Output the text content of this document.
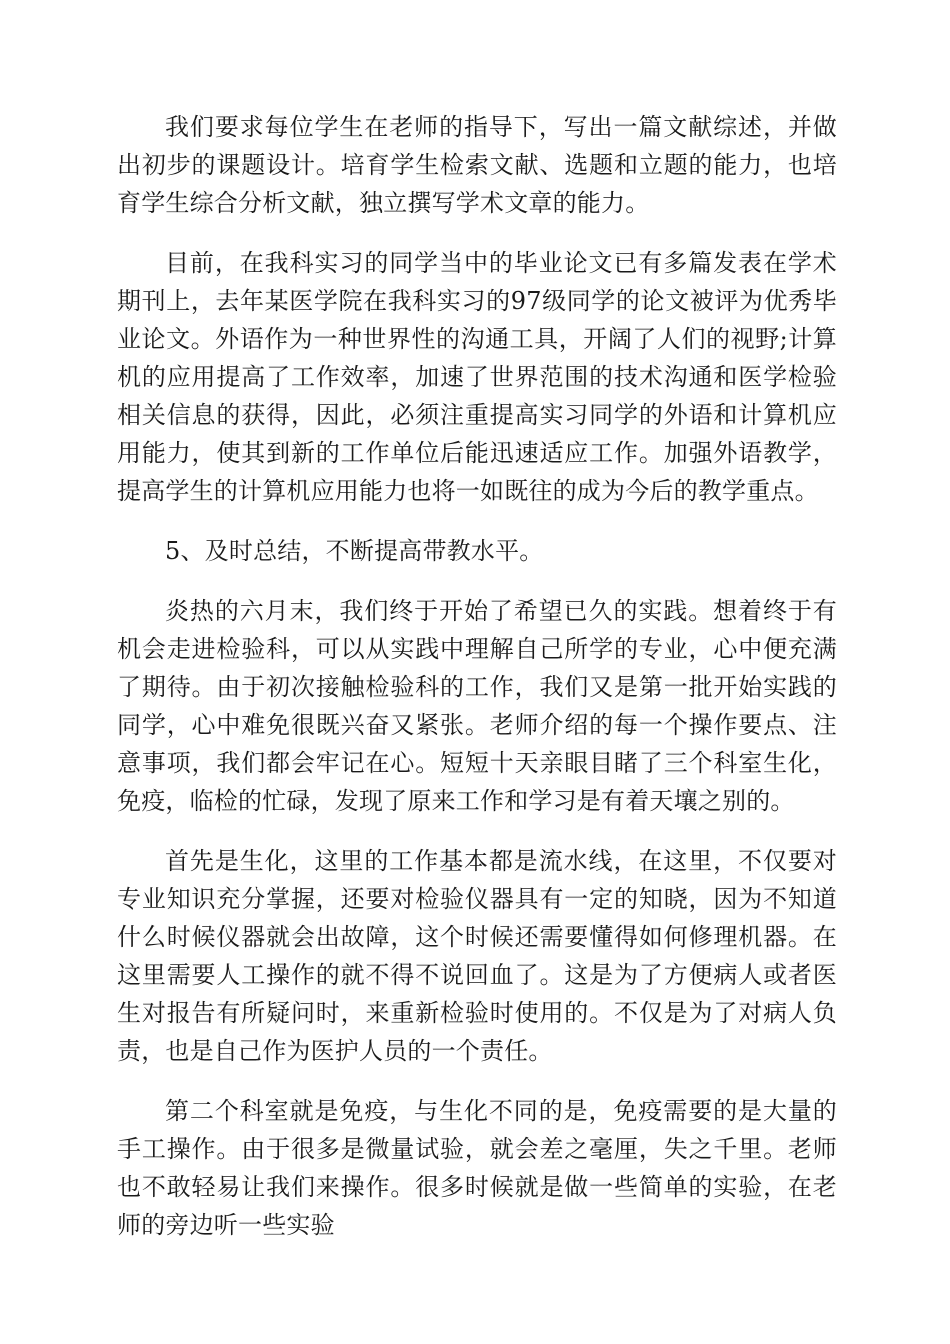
我们要求每位学生在老师的指导下，写出一篇文献综述，并做出初步的课题设计。培育学生检索文献、选题和立题的能力，也培育学生综合分析文献，独立撰写学术文章的能力。

目前，在我科实习的同学当中的毕业论文已有多篇发表在学术期刊上，去年某医学院在我科实习的97级同学的论文被评为优秀毕业论文。外语作为一种世界性的沟通工具，开阔了人们的视野;计算机的应用提高了工作效率，加速了世界范围的技术沟通和医学检验相关信息的获得，因此，必须注重提高实习同学的外语和计算机应用能力，使其到新的工作单位后能迅速适应工作。加强外语教学，提高学生的计算机应用能力也将一如既往的成为今后的教学重点。

5、及时总结，不断提高带教水平。

炎热的六月末，我们终于开始了希望已久的实践。想着终于有机会走进检验科，可以从实践中理解自己所学的专业，心中便充满了期待。由于初次接触检验科的工作，我们又是第一批开始实践的同学，心中难免很既兴奋又紧张。老师介绍的每一个操作要点、注意事项，我们都会牢记在心。短短十天亲眼目睹了三个科室生化，免疫，临检的忙碌，发现了原来工作和学习是有着天壤之别的。

首先是生化，这里的工作基本都是流水线，在这里，不仅要对专业知识充分掌握，还要对检验仪器具有一定的知晓，因为不知道什么时候仪器就会出故障，这个时候还需要懂得如何修理机器。在这里需要人工操作的就不得不说回血了。这是为了方便病人或者医生对报告有所疑问时，来重新检验时使用的。不仅是为了对病人负责，也是自己作为医护人员的一个责任。

第二个科室就是免疫，与生化不同的是，免疫需要的是大量的手工操作。由于很多是微量试验，就会差之毫厘，失之千里。老师也不敢轻易让我们来操作。很多时候就是做一些简单的实验，在老师的旁边听一些实验
